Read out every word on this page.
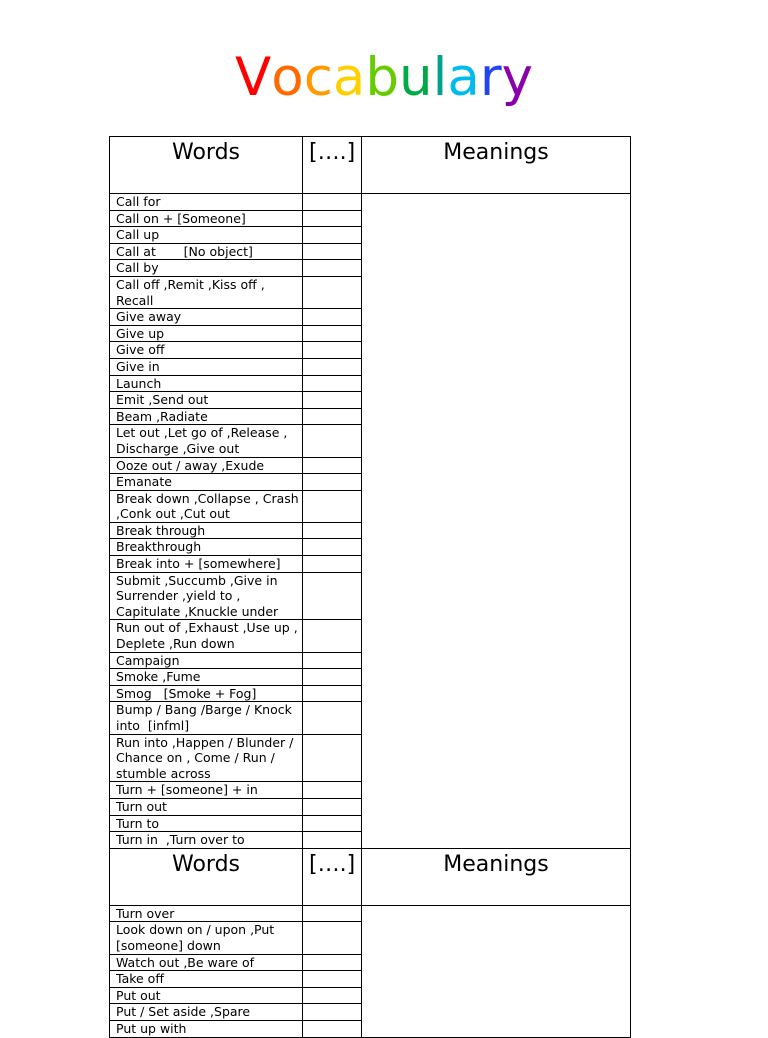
Vocabulary
Words	[….]	Meanings
Call for		
Call on + [Someone]		
Call up		
Call at       [No object]		
Call by		
Call off ,Remit ,Kiss off , Recall		
Give away		
Give up		
Give off		
Give in		
Launch		
Emit ,Send out		
Beam ,Radiate		
Let out ,Let go of ,Release , Discharge ,Give out		
Ooze out / away ,Exude		
Emanate		
Break down ,Collapse , Crash ,Conk out ,Cut out		
Break through		
Breakthrough		
Break into + [somewhere]		
Submit ,Succumb ,Give in Surrender ,yield to , Capitulate ,Knuckle under		
Run out of ,Exhaust ,Use up , Deplete ,Run down		
Campaign		
Smoke ,Fume		
Smog   [Smoke + Fog]		
Bump / Bang /Barge / Knock into  [infml]		
Run into ,Happen / Blunder / Chance on , Come / Run / stumble across		
Turn + [someone] + in		
Turn out		
Turn to		
Turn in  ,Turn over to		
Words	[….]	Meanings
Turn over		
Look down on / upon ,Put [someone] down		
Watch out ,Be ware of		
Take off		
Put out		
Put / Set aside ,Spare		
Put up with		
